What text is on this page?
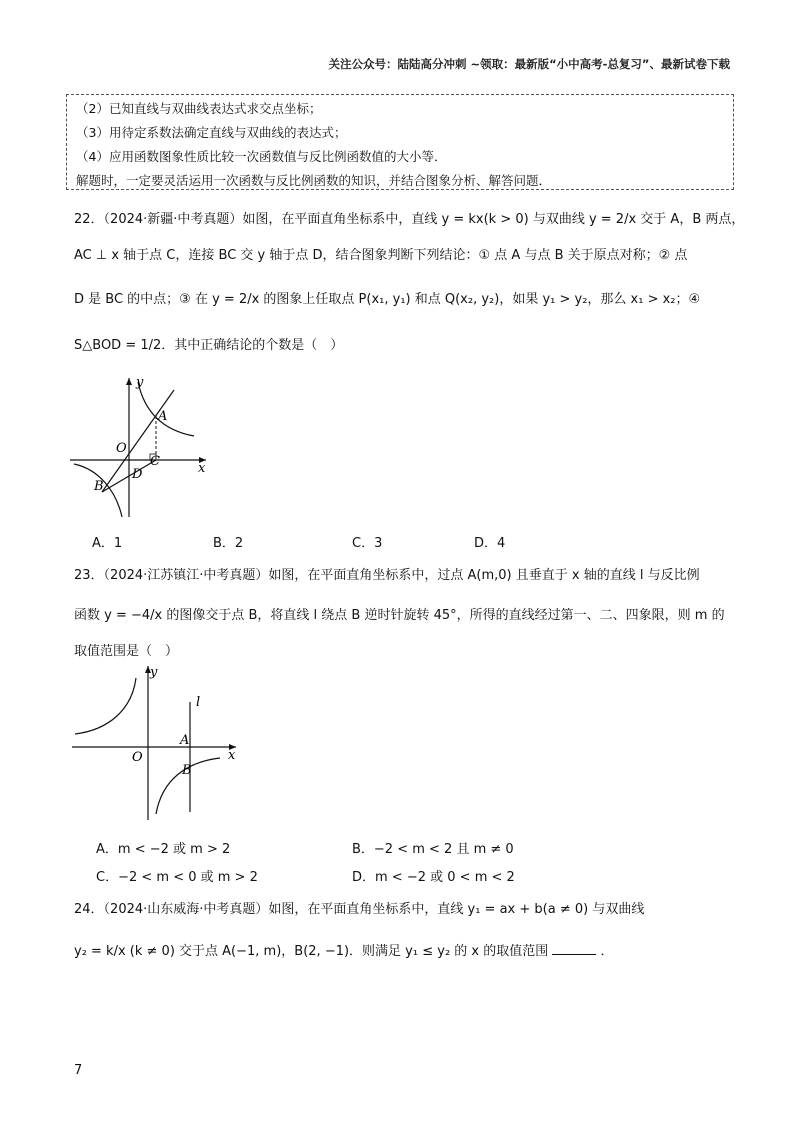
关注公众号：陆陆高分冲刺 ~领取：最新版“小中高考-总复习”、最新试卷下载
（2）已知直线与双曲线表达式求交点坐标；
（3）用待定系数法确定直线与双曲线的表达式；
（4）应用函数图象性质比较一次函数值与反比例函数值的大小等．
解题时，一定要灵活运用一次函数与反比例函数的知识，并结合图象分析、解答问题．
22．（2024·新疆·中考真题）如图，在平面直角坐标系中，直线 y = kx(k > 0) 与双曲线 y = 2/x 交于 A，B 两点，
AC ⊥ x 轴于点 C，连接 BC 交 y 轴于点 D，结合图象判断下列结论：① 点 A 与点 B 关于原点对称；② 点
D 是 BC 的中点；③ 在 y = 2/x 的图象上任取点 P(x₁, y₁) 和点 Q(x₂, y₂)，如果 y₁ > y₂，那么 x₁ > x₂；④
S△BOD = 1/2．其中正确结论的个数是（　）
y
x
O
A
B
C
D
A．1	B．2	C．3	D．4
23．（2024·江苏镇江·中考真题）如图，在平面直角坐标系中，过点 A(m,0) 且垂直于 x 轴的直线 l 与反比例
函数 y = −4/x 的图像交于点 B，将直线 l 绕点 B 逆时针旋转 45°，所得的直线经过第一、二、四象限，则 m 的
取值范围是（　）
y
x
O
A
B
l
A．m < −2 或 m > 2	B．−2 < m < 2 且 m ≠ 0
C．−2 < m < 0 或 m > 2	D．m < −2 或 0 < m < 2
24．（2024·山东威海·中考真题）如图，在平面直角坐标系中，直线 y₁ = ax + b(a ≠ 0) 与双曲线
y₂ = k/x (k ≠ 0) 交于点 A(−1, m)，B(2, −1)．则满足 y₁ ≤ y₂ 的 x 的取值范围	．
7
